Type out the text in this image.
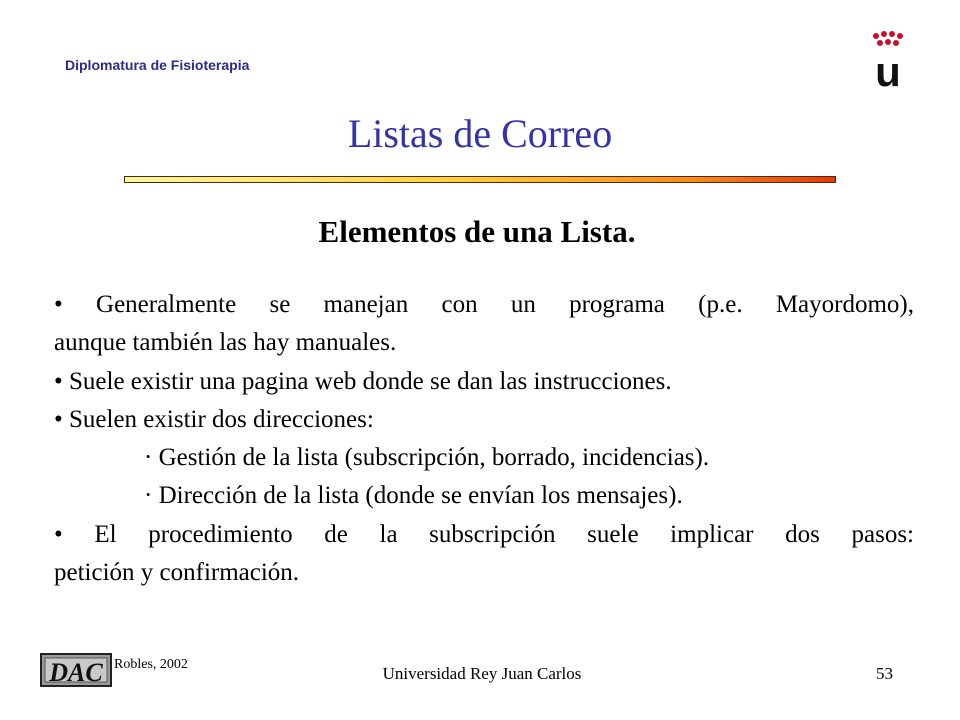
Diplomatura de Fisioterapia	u
Listas de Correo
Elementos de una Lista.
• Generalmente se manejan con un programa (p.e. Mayordomo),
aunque también las hay manuales.
• Suele existir una pagina web donde se dan las instrucciones.
• Suelen existir dos direcciones:
· Gestión de la lista (subscripción, borrado, incidencias).
· Dirección de la lista (donde se envían los mensajes).
• El procedimiento de la subscripción suele implicar dos pasos:
petición y confirmación.
DAC Robles, 2002	Universidad Rey Juan Carlos	53
